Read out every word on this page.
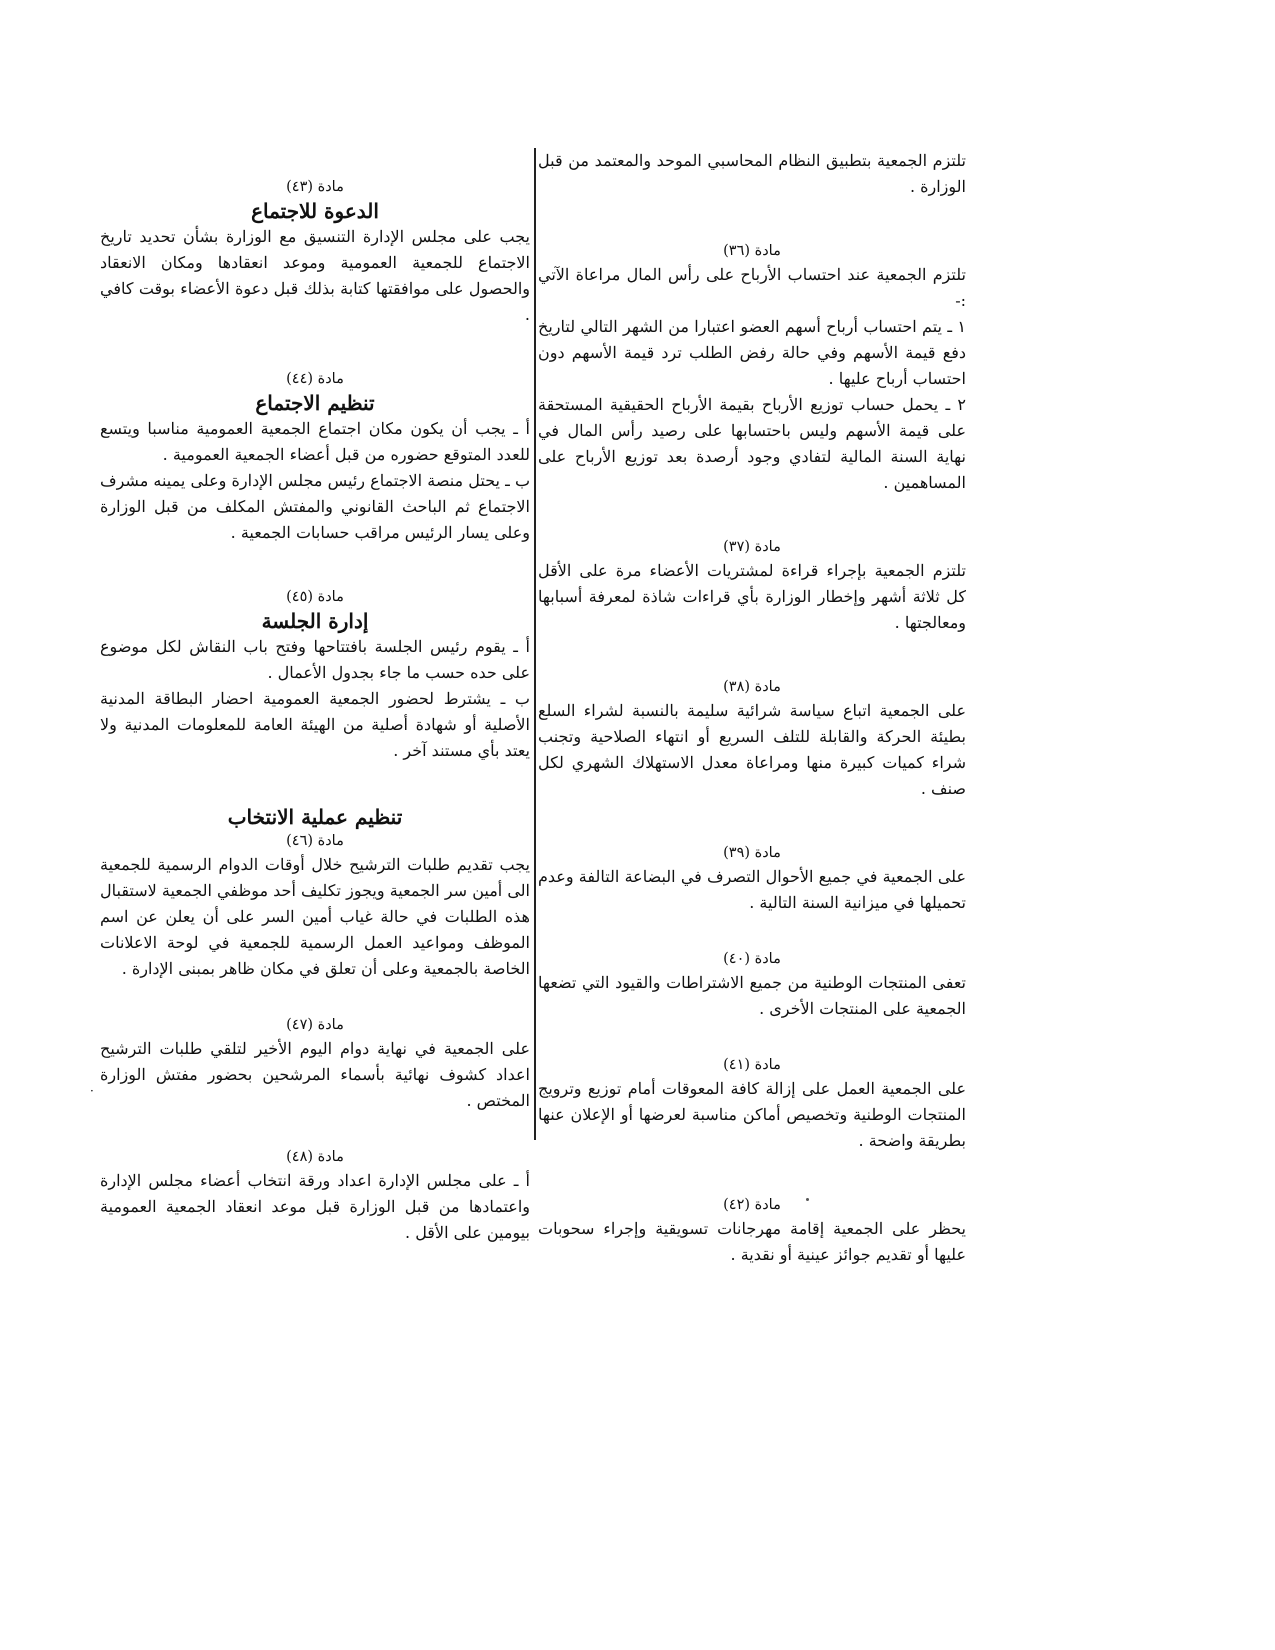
·

تلتزم الجمعية بتطبيق النظام المحاسبي الموحد والمعتمد من قبل الوزارة .

مادة (٣٦)

تلتزم الجمعية عند احتساب الأرباح على رأس المال مراعاة الآتي :-

١ ـ يتم احتساب أرباح أسهم العضو اعتبارا من الشهر التالي لتاريخ دفع قيمة الأسهم وفي حالة رفض الطلب ترد قيمة الأسهم دون احتساب أرباح عليها .

٢ ـ يحمل حساب توزيع الأرباح بقيمة الأرباح الحقيقية المستحقة على قيمة الأسهم وليس باحتسابها على رصيد رأس المال في نهاية السنة المالية لتفادي وجود أرصدة بعد توزيع الأرباح على المساهمين .

مادة (٣٧)

تلتزم الجمعية بإجراء قراءة لمشتريات الأعضاء مرة على الأقل كل ثلاثة أشهر وإخطار الوزارة بأي قراءات شاذة لمعرفة أسبابها ومعالجتها .

مادة (٣٨)

على الجمعية اتباع سياسة شرائية سليمة بالنسبة لشراء السلع بطيئة الحركة والقابلة للتلف السريع أو انتهاء الصلاحية وتجنب شراء كميات كبيرة منها ومراعاة معدل الاستهلاك الشهري لكل صنف .

مادة (٣٩)

على الجمعية في جميع الأحوال التصرف في البضاعة التالفة وعدم تحميلها في ميزانية السنة التالية .

مادة (٤٠)

تعفى المنتجات الوطنية من جميع الاشتراطات والقيود التي تضعها الجمعية على المنتجات الأخرى .

مادة (٤١)

على الجمعية العمل على إزالة كافة المعوقات أمام توزيع وترويج المنتجات الوطنية وتخصيص أماكن مناسبة لعرضها أو الإعلان عنها بطريقة واضحة .

مادة (٤٢)

يحظر على الجمعية إقامة مهرجانات تسويقية وإجراء سحوبات عليها أو تقديم جوائز عينية أو نقدية .

مادة (٤٣)

الدعوة للاجتماع

يجب على مجلس الإدارة التنسيق مع الوزارة بشأن تحديد تاريخ الاجتماع للجمعية العمومية وموعد انعقادها ومكان الانعقاد والحصول على موافقتها كتابة بذلك قبل دعوة الأعضاء بوقت كافي .

مادة (٤٤)

تنظيم الاجتماع

أ ـ يجب أن يكون مكان اجتماع الجمعية العمومية مناسبا ويتسع للعدد المتوقع حضوره من قبل أعضاء الجمعية العمومية .

ب ـ يحتل منصة الاجتماع رئيس مجلس الإدارة وعلى يمينه مشرف الاجتماع ثم الباحث القانوني والمفتش المكلف من قبل الوزارة وعلى يسار الرئيس مراقب حسابات الجمعية .

مادة (٤٥)

إدارة الجلسة

أ ـ يقوم رئيس الجلسة بافتتاحها وفتح باب النقاش لكل موضوع على حده حسب ما جاء بجدول الأعمال .

ب ـ يشترط لحضور الجمعية العمومية احضار البطاقة المدنية الأصلية أو شهادة أصلية من الهيئة العامة للمعلومات المدنية ولا يعتد بأي مستند آخر .

تنظيم عملية الانتخاب

مادة (٤٦)

يجب تقديم طلبات الترشيح خلال أوقات الدوام الرسمية للجمعية الى أمين سر الجمعية ويجوز تكليف أحد موظفي الجمعية لاستقبال هذه الطلبات في حالة غياب أمين السر على أن يعلن عن اسم الموظف ومواعيد العمل الرسمية للجمعية في لوحة الاعلانات الخاصة بالجمعية وعلى أن تعلق في مكان ظاهر بمبنى الإدارة .

مادة (٤٧)

على الجمعية في نهاية دوام اليوم الأخير لتلقي طلبات الترشيح اعداد كشوف نهائية بأسماء المرشحين بحضور مفتش الوزارة المختص .

مادة (٤٨)

أ ـ على مجلس الإدارة اعداد ورقة انتخاب أعضاء مجلس الإدارة واعتمادها من قبل الوزارة قبل موعد انعقاد الجمعية العمومية بيومين على الأقل .
